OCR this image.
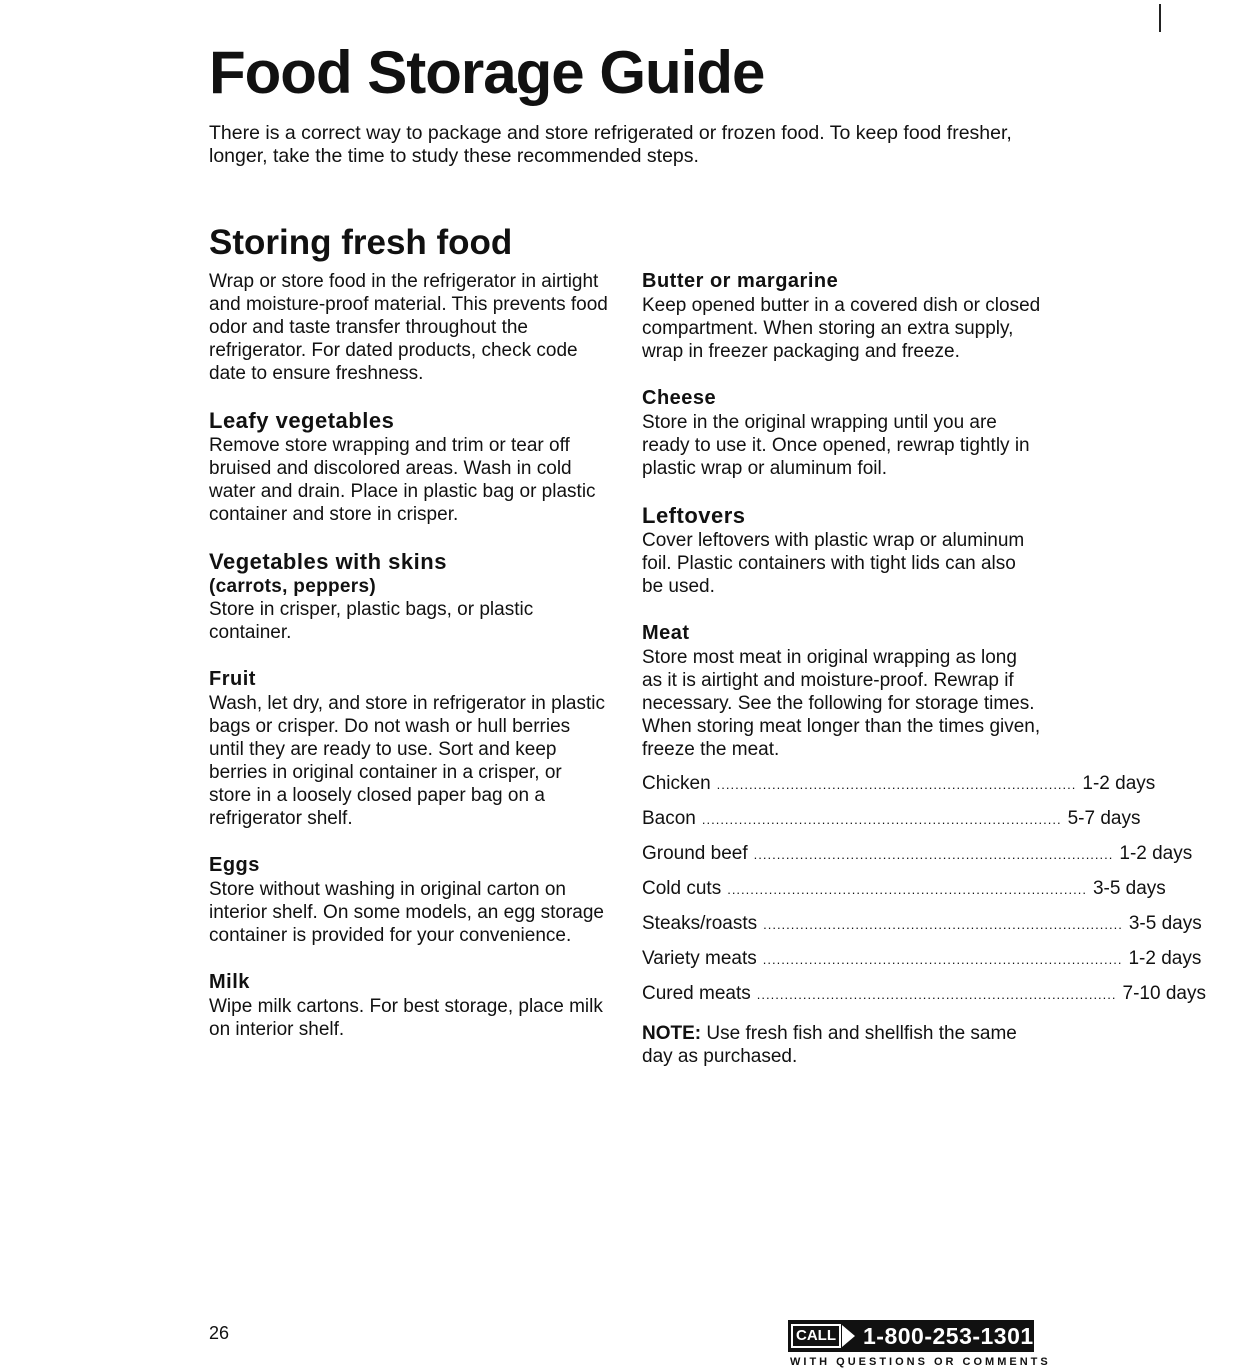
Food Storage Guide

There is a correct way to package and store refrigerated or frozen food. To keep food fresher, longer, take the time to study these recommended steps.

Storing fresh food

Wrap or store food in the refrigerator in airtight and moisture-proof material. This prevents food odor and taste transfer throughout the refrigerator. For dated products, check code date to ensure freshness.

Leafy vegetables

Remove store wrapping and trim or tear off bruised and discolored areas. Wash in cold water and drain. Place in plastic bag or plastic container and store in crisper.

Vegetables with skins

(carrots, peppers)

Store in crisper, plastic bags, or plastic container.

Fruit

Wash, let dry, and store in refrigerator in plastic bags or crisper. Do not wash or hull berries until they are ready to use. Sort and keep berries in original container in a crisper, or store in a loosely closed paper bag on a refrigerator shelf.

Eggs

Store without washing in original carton on interior shelf. On some models, an egg storage container is provided for your convenience.

Milk

Wipe milk cartons. For best storage, place milk on interior shelf.

Butter or margarine

Keep opened butter in a covered dish or closed compartment. When storing an extra supply, wrap in freezer packaging and freeze.

Cheese

Store in the original wrapping until you are ready to use it. Once opened, rewrap tightly in plastic wrap or aluminum foil.

Leftovers

Cover leftovers with plastic wrap or aluminum foil. Plastic containers with tight lids can also be used.

Meat

Store most meat in original wrapping as long as it is airtight and moisture-proof. Rewrap if necessary. See the following for storage times. When storing meat longer than the times given, freeze the meat.

Chicken .............................................................................. 1-2 days
Bacon .............................................................................. 5-7 days
Ground beef .............................................................................. 1-2 days
Cold cuts .............................................................................. 3-5 days
Steaks/roasts .............................................................................. 3-5 days
Variety meats .............................................................................. 1-2 days
Cured meats .............................................................................. 7-10 days

NOTE: Use fresh fish and shellfish the same day as purchased.

26	CALL 1-800-253-1301
WITH QUESTIONS OR COMMENTS
